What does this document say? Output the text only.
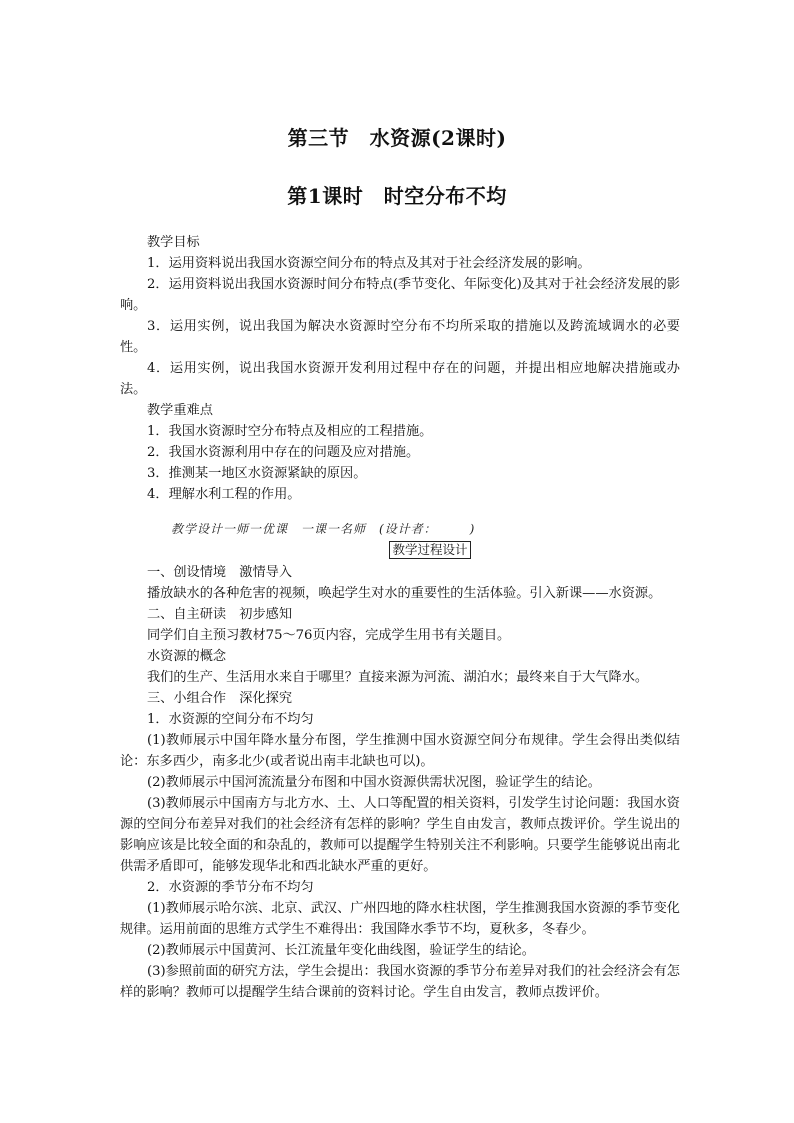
第三节　水资源(2课时)
第1课时　时空分布不均

教学目标

1．运用资料说出我国水资源空间分布的特点及其对于社会经济发展的影响。

2．运用资料说出我国水资源时间分布特点(季节变化、年际变化)及其对于社会经济发展的影响。

3．运用实例，说出我国为解决水资源时空分布不均所采取的措施以及跨流域调水的必要性。

4．运用实例，说出我国水资源开发利用过程中存在的问题，并提出相应地解决措施或办法。

教学重难点

1．我国水资源时空分布特点及相应的工程措施。

2．我国水资源利用中存在的问题及应对措施。

3．推测某一地区水资源紧缺的原因。

4．理解水利工程的作用。

教学设计一师一优课　一课一名师　(设计者：　　　)

教学过程设计

一、创设情境　激情导入

播放缺水的各种危害的视频，唤起学生对水的重要性的生活体验。引入新课——水资源。

二、自主研读　初步感知

同学们自主预习教材75～76页内容，完成学生用书有关题目。

水资源的概念

我们的生产、生活用水来自于哪里？直接来源为河流、湖泊水；最终来自于大气降水。

三、小组合作　深化探究

1．水资源的空间分布不均匀

(1)教师展示中国年降水量分布图，学生推测中国水资源空间分布规律。学生会得出类似结论：东多西少，南多北少(或者说出南丰北缺也可以)。

(2)教师展示中国河流流量分布图和中国水资源供需状况图，验证学生的结论。

(3)教师展示中国南方与北方水、土、人口等配置的相关资料，引发学生讨论问题：我国水资源的空间分布差异对我们的社会经济有怎样的影响？学生自由发言，教师点拨评价。学生说出的影响应该是比较全面的和杂乱的，教师可以提醒学生特别关注不利影响。只要学生能够说出南北供需矛盾即可，能够发现华北和西北缺水严重的更好。

2．水资源的季节分布不均匀

(1)教师展示哈尔滨、北京、武汉、广州四地的降水柱状图，学生推测我国水资源的季节变化规律。运用前面的思维方式学生不难得出：我国降水季节不均，夏秋多，冬春少。

(2)教师展示中国黄河、长江流量年变化曲线图，验证学生的结论。

(3)参照前面的研究方法，学生会提出：我国水资源的季节分布差异对我们的社会经济会有怎样的影响？教师可以提醒学生结合课前的资料讨论。学生自由发言，教师点拨评价。
